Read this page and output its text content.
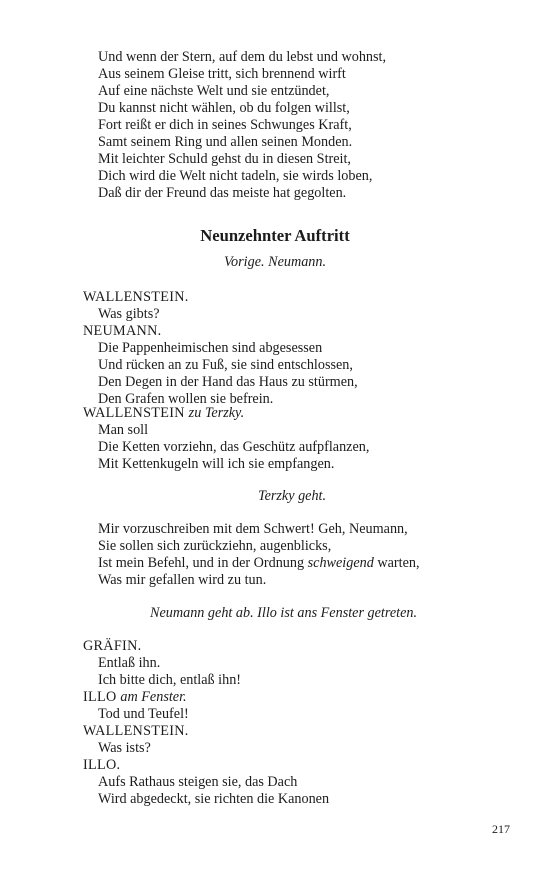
Und wenn der Stern, auf dem du lebst und wohnst,
Aus seinem Gleise tritt, sich brennend wirft
Auf eine nächste Welt und sie entzündet,
Du kannst nicht wählen, ob du folgen willst,
Fort reißt er dich in seines Schwunges Kraft,
Samt seinem Ring und allen seinen Monden.
Mit leichter Schuld gehst du in diesen Streit,
Dich wird die Welt nicht tadeln, sie wirds loben,
Daß dir der Freund das meiste hat gegolten.
Neunzehnter Auftritt
Vorige. Neumann.
WALLENSTEIN.
Was gibts?
NEUMANN.
Die Pappenheimischen sind abgesessen
Und rücken an zu Fuß, sie sind entschlossen,
Den Degen in der Hand das Haus zu stürmen,
Den Grafen wollen sie befrein.
WALLENSTEIN zu Terzky.
Man soll
Die Ketten vorziehn, das Geschütz aufpflanzen,
Mit Kettenkugeln will ich sie empfangen.
Terzky geht.
Mir vorzuschreiben mit dem Schwert! Geh, Neumann,
Sie sollen sich zurückziehn, augenblicks,
Ist mein Befehl, und in der Ordnung schweigend warten,
Was mir gefallen wird zu tun.
Neumann geht ab. Illo ist ans Fenster getreten.
GRÄFIN.
Entlaß ihn.
Ich bitte dich, entlaß ihn!
ILLO am Fenster.
Tod und Teufel!
WALLENSTEIN.
Was ists?
ILLO.
Aufs Rathaus steigen sie, das Dach
Wird abgedeckt, sie richten die Kanonen
217
